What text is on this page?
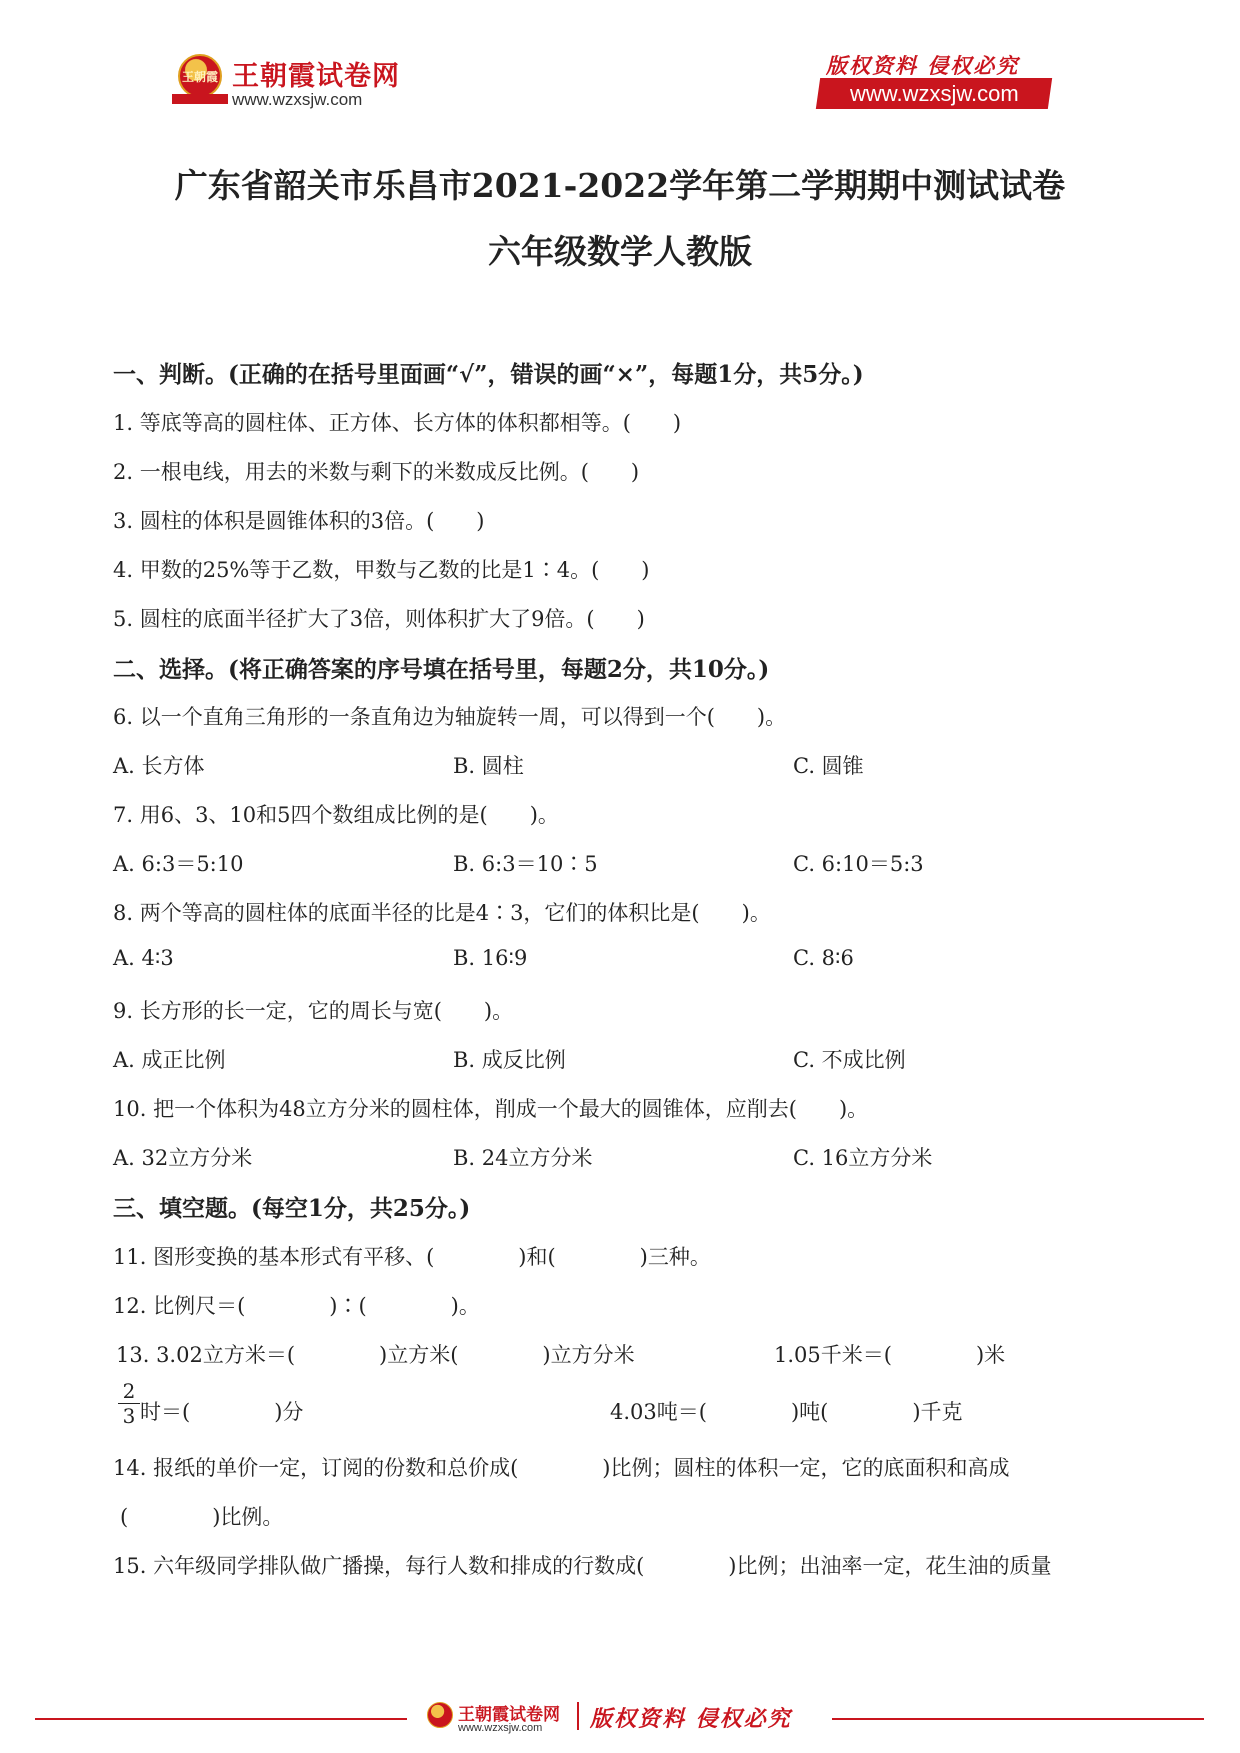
王朝霞 王朝霞试卷网
www.wzxsjw.com
版权资料 侵权必究
www.wzxsjw.com
广东省韶关市乐昌市2021-2022学年第二学期期中测试试卷
六年级数学人教版
一、判断。(正确的在括号里面画“√”，错误的画“×”，每题1分，共5分。)
1. 等底等高的圆柱体、正方体、长方体的体积都相等。(　　)
2. 一根电线，用去的米数与剩下的米数成反比例。(　　)
3. 圆柱的体积是圆锥体积的3倍。(　　)
4. 甲数的25%等于乙数，甲数与乙数的比是1∶4。(　　)
5. 圆柱的底面半径扩大了3倍，则体积扩大了9倍。(　　)
二、选择。(将正确答案的序号填在括号里，每题2分，共10分。)
6. 以一个直角三角形的一条直角边为轴旋转一周，可以得到一个(　　)。
A. 长方体	B. 圆柱	C. 圆锥
7. 用6、3、10和5四个数组成比例的是(　　)。
A. 6:3＝5:10	B. 6:3＝10∶5	C. 6:10＝5:3
8. 两个等高的圆柱体的底面半径的比是4∶3，它们的体积比是(　　)。
A. 4∶3	B. 16∶9	C. 8∶6
9. 长方形的长一定，它的周长与宽(　　)。
A. 成正比例	B. 成反比例	C. 不成比例
10. 把一个体积为48立方分米的圆柱体，削成一个最大的圆锥体，应削去(　　)。
A. 32立方分米	B. 24立方分米	C. 16立方分米
三、填空题。(每空1分，共25分。)
11. 图形变换的基本形式有平移、(　　　　)和(　　　　)三种。
12. 比例尺＝(　　　　)∶(　　　　)。
13. 3.02立方米＝(　　　　)立方米(　　　　)立方分米	1.05千米＝(　　　　)米
2
3 时＝(　　　　)分	4.03吨＝(　　　　)吨(　　　　)千克
14. 报纸的单价一定，订阅的份数和总价成(　　　　)比例；圆柱的体积一定，它的底面积和高成
(　　　　)比例。
15. 六年级同学排队做广播操，每行人数和排成的行数成(　　　　)比例；出油率一定，花生油的质量
王朝霞试卷网
www.wzxsjw.com 版权资料 侵权必究
